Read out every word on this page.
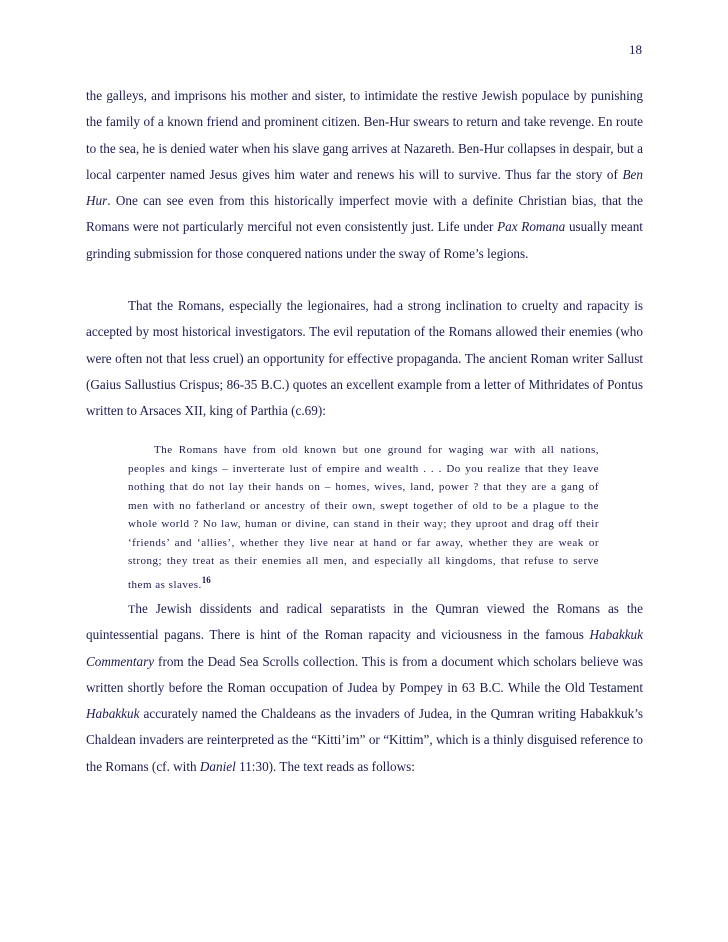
18

the galleys, and imprisons his mother and sister, to intimidate the restive Jewish populace by punishing the family of a known friend and prominent citizen. Ben-Hur swears to return and take revenge. En route to the sea, he is denied water when his slave gang arrives at Nazareth. Ben-Hur collapses in despair, but a local carpenter named Jesus gives him water and renews his will to survive. Thus far the story of Ben Hur. One can see even from this historically imperfect movie with a definite Christian bias, that the Romans were not particularly merciful not even consistently just. Life under Pax Romana usually meant grinding submission for those conquered nations under the sway of Rome’s legions.

That the Romans, especially the legionaires, had a strong inclination to cruelty and rapacity is accepted by most historical investigators. The evil reputation of the Romans allowed their enemies (who were often not that less cruel) an opportunity for effective propaganda. The ancient Roman writer Sallust (Gaius Sallustius Crispus; 86-35 B.C.) quotes an excellent example from a letter of Mithridates of Pontus written to Arsaces XII, king of Parthia (c.69):

The Romans have from old known but one ground for waging war with all nations, peoples and kings – inverterate lust of empire and wealth . . . Do you realize that they leave nothing that do not lay their hands on – homes, wives, land, power ? that they are a gang of men with no fatherland or ancestry of their own, swept together of old to be a plague to the whole world ? No law, human or divine, can stand in their way; they uproot and drag off their ‘friends’ and ‘allies’, whether they live near at hand or far away, whether they are weak or strong; they treat as their enemies all men, and especially all kingdoms, that refuse to serve them as slaves.$^{16}$

The Jewish dissidents and radical separatists in the Qumran viewed the Romans as the quintessential pagans. There is hint of the Roman rapacity and viciousness in the famous Habakkuk Commentary from the Dead Sea Scrolls collection. This is from a document which scholars believe was written shortly before the Roman occupation of Judea by Pompey in 63 B.C. While the Old Testament Habakkuk accurately named the Chaldeans as the invaders of Judea, in the Qumran writing Habakkuk’s Chaldean invaders are reinterpreted as the “Kitti’im” or “Kittim”, which is a thinly disguised reference to the Romans (cf. with Daniel 11:30). The text reads as follows:
